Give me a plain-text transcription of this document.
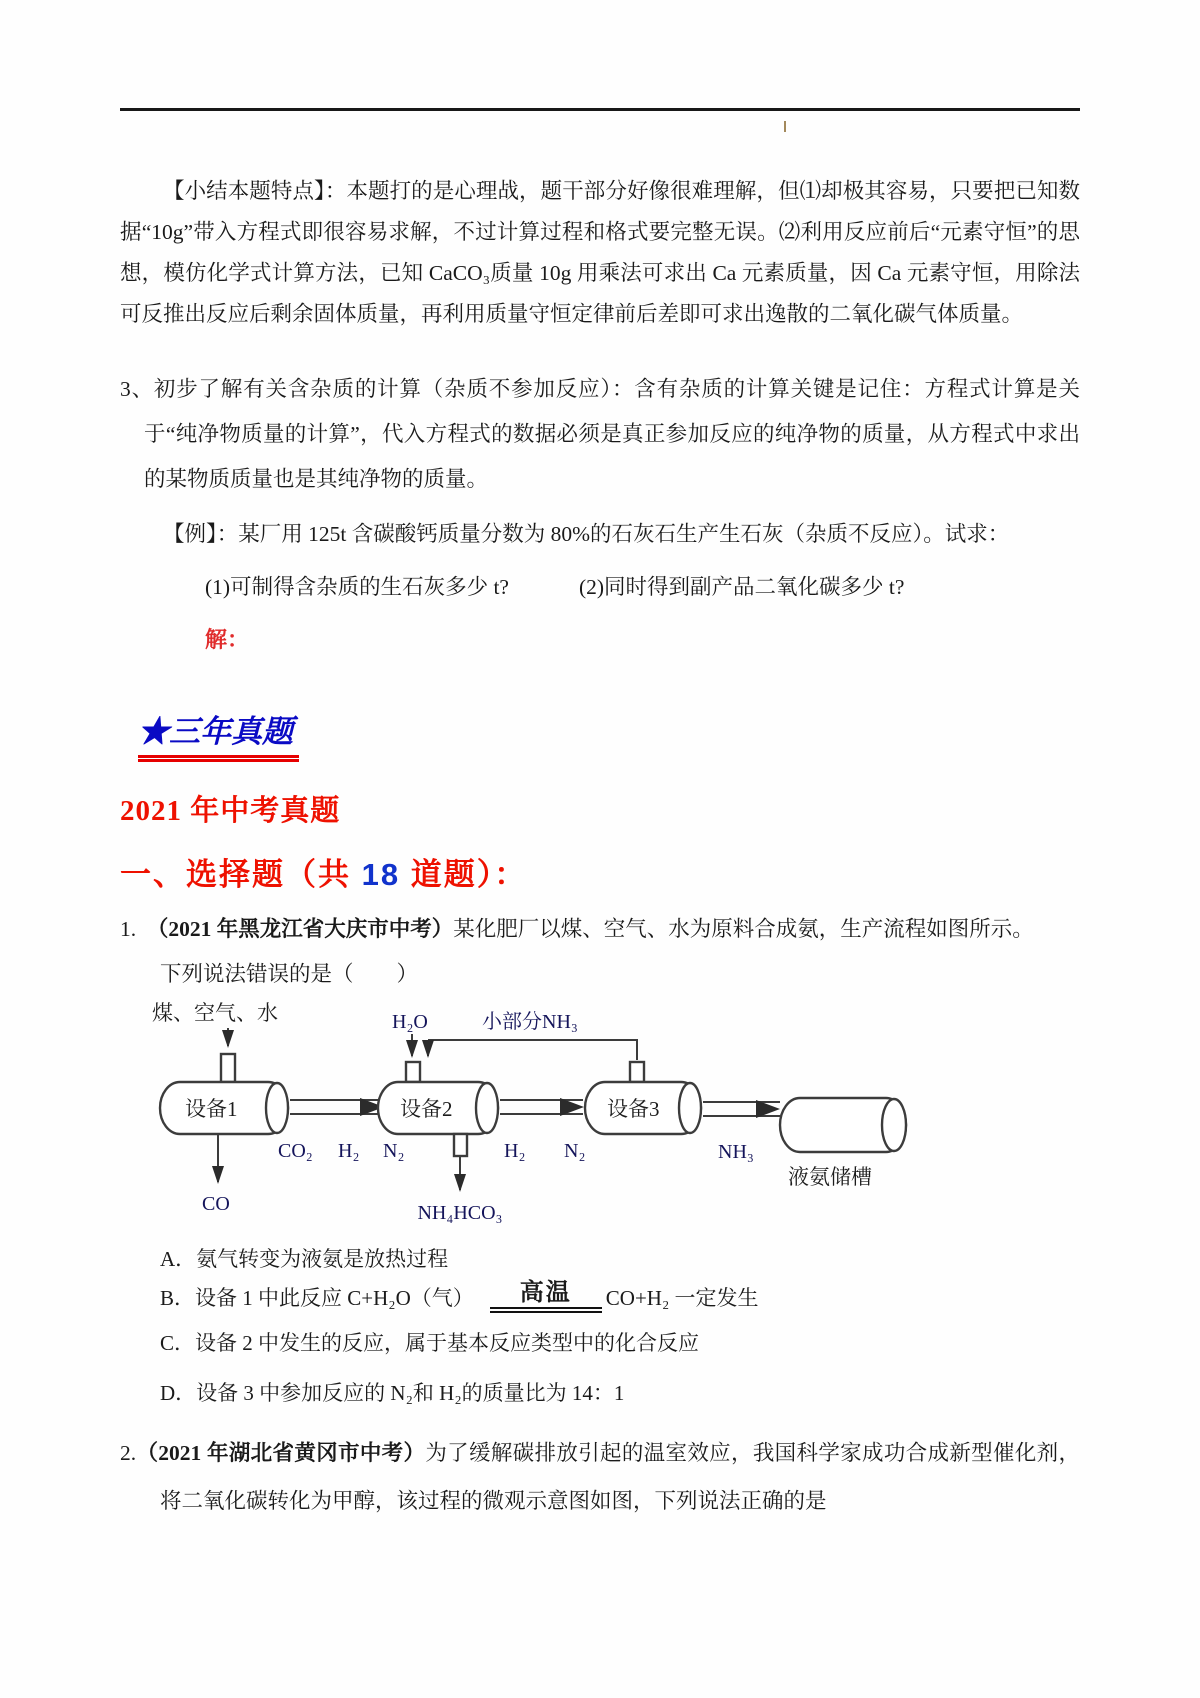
【小结本题特点】：本题打的是心理战，题干部分好像很难理解，但⑴却极其容易，只要把已知数据“10g”带入方程式即很容易求解，不过计算过程和格式要完整无误。⑵利用反应前后“元素守恒”的思想，模仿化学式计算方法，已知 CaCO₃质量 10g 用乘法可求出 Ca 元素质量，因 Ca 元素守恒，用除法可反推出反应后剩余固体质量，再利用质量守恒定律前后差即可求出逸散的二氧化碳气体质量。

3、初步了解有关含杂质的计算（杂质不参加反应）：含有杂质的计算关键是记住：方程式计算是关于“纯净物质量的计算”，代入方程式的数据必须是真正参加反应的纯净物的质量，从方程式中求出的某物质质量也是其纯净物的质量。

【例】：某厂用 125t 含碳酸钙质量分数为 80%的石灰石生产生石灰（杂质不反应）。试求：

(1)可制得含杂质的生石灰多少 t?	(2)同时得到副产品二氧化碳多少 t?
解：
★三年真题
2021 年中考真题
一、选择题（共 18 道题）：

1.　 （2021 年黑龙江省大庆市中考）某化肥厂以煤、空气、水为原料合成氨，生产流程如图所示。

下列说法错误的是（　　）

煤、空气、水
设备1
CO₂ H₂ N₂
CO
H₂O	小部分NH₃
设备2
H₂ N₂
NH₄HCO₃
设备3
NH₃
液氨储槽

A．氨气转变为液氨是放热过程

B．设备 1 中此反应 C+H₂O（气） 高温 CO+H₂ 一定发生

C．设备 2 中发生的反应，属于基本反应类型中的化合反应

D．设备 3 中参加反应的 N₂和 H₂的质量比为 14：1

2.（2021 年湖北省黄冈市中考）为了缓解碳排放引起的温室效应，我国科学家成功合成新型催化剂，将二氧化碳转化为甲醇，该过程的微观示意图如图，下列说法正确的是
